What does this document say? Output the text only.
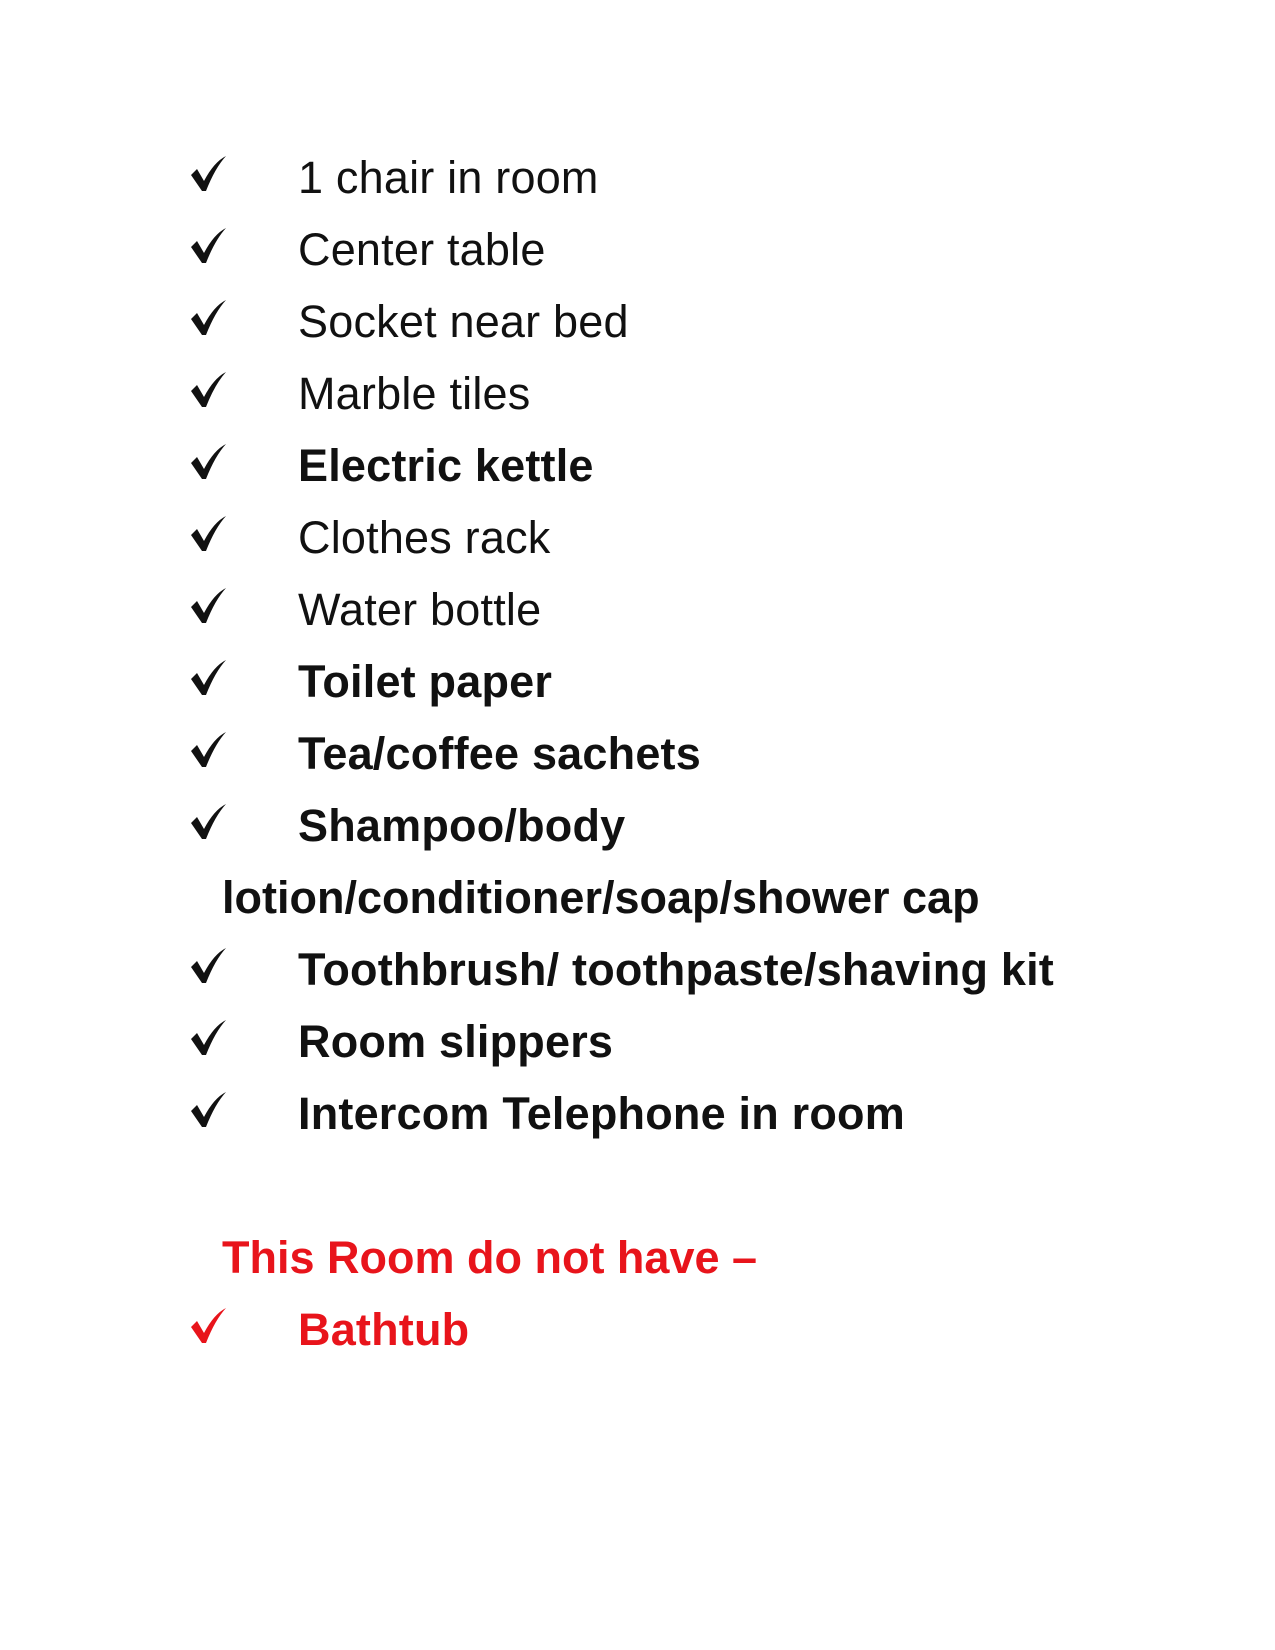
1 chair in room
Center table
Socket near bed
Marble tiles
Electric kettle
Clothes rack
Water bottle
Toilet paper
Tea/coffee sachets
Shampoo/body
lotion/conditioner/soap/shower cap
Toothbrush/ toothpaste/shaving kit
Room slippers
Intercom Telephone in room
This Room do not have –
Bathtub
